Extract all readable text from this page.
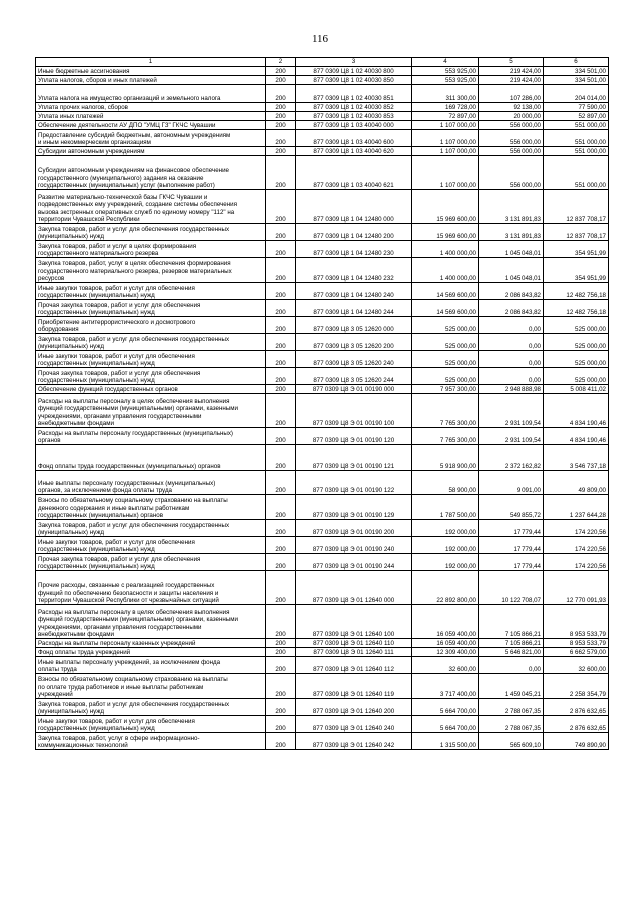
116
1	2	3	4	5	6
Иные бюджетные ассигнования	200	877 0309 Ц8 1 02 40030 800	553 925,00	219 424,00	334 501,00
Уплата налогов, сборов и иных платежей	200	877 0309 Ц8 1 02 40030 850	553 925,00	219 424,00	334 501,00
Уплата налога на имущество организаций и земельного налога	200	877 0309 Ц8 1 02 40030 851	311 300,00	107 286,00	204 014,00
Уплата прочих налогов, сборов	200	877 0309 Ц8 1 02 40030 852	169 728,00	92 138,00	77 590,00
Уплата иных платежей	200	877 0309 Ц8 1 02 40030 853	72 897,00	20 000,00	52 897,00
Обеспечение деятельности АУ ДПО "УМЦ ГЗ" ГКЧС Чувашии	200	877 0309 Ц8 1 03 40040 000	1 107 000,00	556 000,00	551 000,00
Предоставление субсидий бюджетным, автономным учреждениям
и иным некоммерческим организациям	200	877 0309 Ц8 1 03 40040 600	1 107 000,00	556 000,00	551 000,00
Субсидии автономным учреждениям	200	877 0309 Ц8 1 03 40040 620	1 107 000,00	556 000,00	551 000,00
Субсидии автономным учреждениям на финансовое обеспечение
государственного (муниципального) задания на оказание
государственных (муниципальных) услуг (выполнение работ)	200	877 0309 Ц8 1 03 40040 621	1 107 000,00	556 000,00	551 000,00
Развитие материально-технической базы ГКЧС Чувашии и
подведомственных ему учреждений, создание системы обеспечения
вызова экстренных оперативных служб по единому номеру "112" на
территории Чувашской Республики	200	877 0309 Ц8 1 04 12480 000	15 969 600,00	3 131 891,83	12 837 708,17
Закупка товаров, работ и услуг для обеспечения государственных
(муниципальных) нужд	200	877 0309 Ц8 1 04 12480 200	15 969 600,00	3 131 891,83	12 837 708,17
Закупка товаров, работ и услуг в целях формирования
государственного материального резерва	200	877 0309 Ц8 1 04 12480 230	1 400 000,00	1 045 048,01	354 951,99
Закупка товаров, работ, услуг в целях обеспечения формирования
государственного материального резерва, резервов материальных
ресурсов	200	877 0309 Ц8 1 04 12480 232	1 400 000,00	1 045 048,01	354 951,99
Иные закупки товаров, работ и услуг для обеспечения
государственных (муниципальных) нужд	200	877 0309 Ц8 1 04 12480 240	14 569 600,00	2 086 843,82	12 482 756,18
Прочая закупка товаров, работ и услуг для обеспечения
государственных (муниципальных) нужд	200	877 0309 Ц8 1 04 12480 244	14 569 600,00	2 086 843,82	12 482 756,18
Приобретение антитеррористического и досмотрового
оборудования	200	877 0309 Ц8 3 05 12620 000	525 000,00	0,00	525 000,00
Закупка товаров, работ и услуг для обеспечения государственных
(муниципальных) нужд	200	877 0309 Ц8 3 05 12620 200	525 000,00	0,00	525 000,00
Иные закупки товаров, работ и услуг для обеспечения
государственных (муниципальных) нужд	200	877 0309 Ц8 3 05 12620 240	525 000,00	0,00	525 000,00
Прочая закупка товаров, работ и услуг для обеспечения
государственных (муниципальных) нужд	200	877 0309 Ц8 3 05 12620 244	525 000,00	0,00	525 000,00
Обеспечение функций государственных органов	200	877 0309 Ц8 Э 01 00190 000	7 957 300,00	2 948 888,98	5 008 411,02
Расходы на выплаты персоналу в целях обеспечения выполнения
функций государственными (муниципальными) органами, казенными
учреждениями, органами управления государственными
внебюджетными фондами	200	877 0309 Ц8 Э 01 00190 100	7 765 300,00	2 931 109,54	4 834 190,46
Расходы на выплаты персоналу государственных (муниципальных)
органов	200	877 0309 Ц8 Э 01 00190 120	7 765 300,00	2 931 109,54	4 834 190,46
Фонд оплаты труда государственных (муниципальных) органов	200	877 0309 Ц8 Э 01 00190 121	5 918 900,00	2 372 162,82	3 546 737,18
Иные выплаты персоналу государственных (муниципальных)
органов, за исключением фонда оплаты труда	200	877 0309 Ц8 Э 01 00190 122	58 900,00	9 091,00	49 809,00
Взносы по обязательному социальному страхованию на выплаты
денежного содержания и иные выплаты работникам
государственных (муниципальных) органов	200	877 0309 Ц8 Э 01 00190 129	1 787 500,00	549 855,72	1 237 644,28
Закупка товаров, работ и услуг для обеспечения государственных
(муниципальных) нужд	200	877 0309 Ц8 Э 01 00190 200	192 000,00	17 779,44	174 220,56
Иные закупки товаров, работ и услуг для обеспечения
государственных (муниципальных) нужд	200	877 0309 Ц8 Э 01 00190 240	192 000,00	17 779,44	174 220,56
Прочая закупка товаров, работ и услуг для обеспечения
государственных (муниципальных) нужд	200	877 0309 Ц8 Э 01 00190 244	192 000,00	17 779,44	174 220,56
Прочие расходы, связанные с реализацией государственных
функций по обеспечению безопасности и защиты населения и
территории Чувашской Республики от чрезвычайных ситуаций	200	877 0309 Ц8 Э 01 12640 000	22 892 800,00	10 122 708,07	12 770 091,93
Расходы на выплаты персоналу в целях обеспечения выполнения
функций государственными (муниципальными) органами, казенными
учреждениями, органами управления государственными
внебюджетными фондами	200	877 0309 Ц8 Э 01 12640 100	16 059 400,00	7 105 866,21	8 953 533,79
Расходы на выплаты персоналу казенных учреждений	200	877 0309 Ц8 Э 01 12640 110	16 059 400,00	7 105 866,21	8 953 533,79
Фонд оплаты труда учреждений	200	877 0309 Ц8 Э 01 12640 111	12 309 400,00	5 646 821,00	6 662 579,00
Иные выплаты персоналу учреждений, за исключением фонда
оплаты труда	200	877 0309 Ц8 Э 01 12640 112	32 600,00	0,00	32 600,00
Взносы по обязательному социальному страхованию на выплаты
по оплате труда работников и иные выплаты работникам
учреждений	200	877 0309 Ц8 Э 01 12640 119	3 717 400,00	1 459 045,21	2 258 354,79
Закупка товаров, работ и услуг для обеспечения государственных
(муниципальных) нужд	200	877 0309 Ц8 Э 01 12640 200	5 664 700,00	2 788 067,35	2 876 632,65
Иные закупки товаров, работ и услуг для обеспечения
государственных (муниципальных) нужд	200	877 0309 Ц8 Э 01 12640 240	5 664 700,00	2 788 067,35	2 876 632,65
Закупка товаров, работ, услуг в сфере информационно-
коммуникационных технологий	200	877 0309 Ц8 Э 01 12640 242	1 315 500,00	565 609,10	749 890,90
